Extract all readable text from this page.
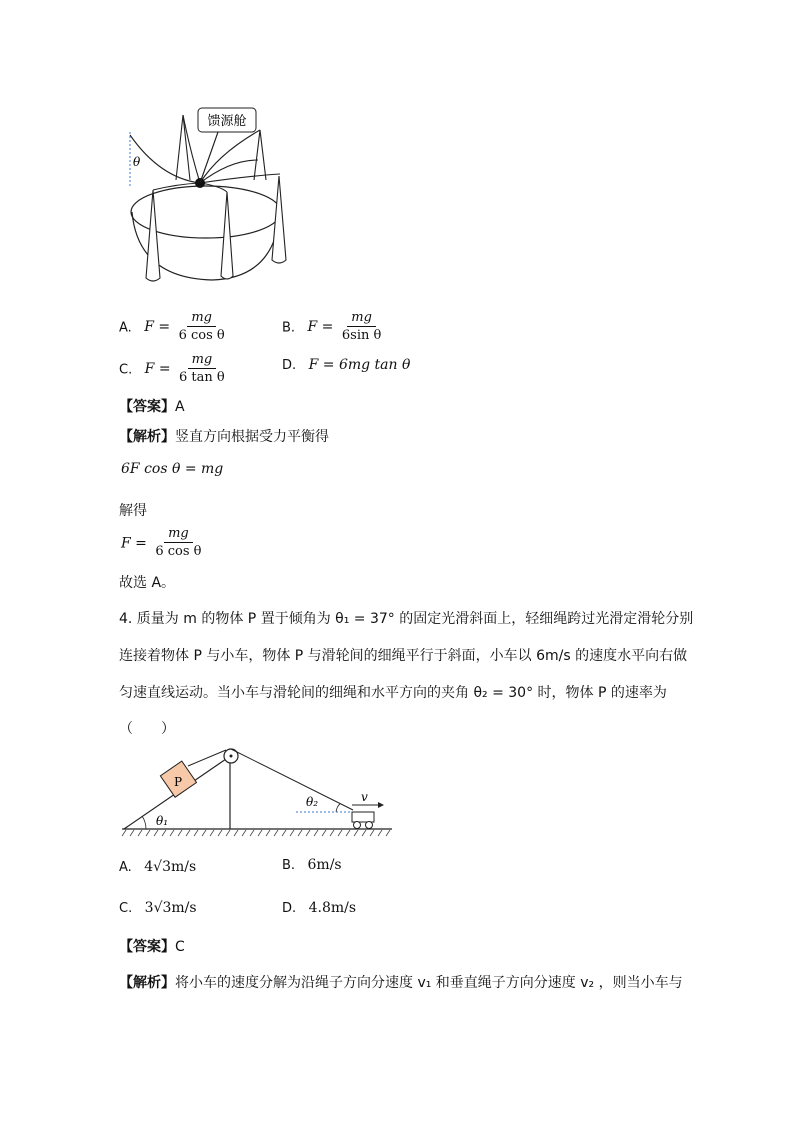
θ
馈源舱
A. $F = \frac{mg}{\text{6 cos θ}}$	B. $F = \frac{mg}{\text{6sin θ}}$
C. $F = \frac{mg}{\text{6 tan θ}}$	D. F = 6mg tan θ
【答案】A
【解析】竖直方向根据受力平衡得
6F cos θ = mg
解得
$F = \frac{mg}{\text{6 cos θ}}$
故选 A。
4. 质量为 m 的物体 P 置于倾角为 θ₁ = 37° 的固定光滑斜面上，轻细绳跨过光滑定滑轮分别
连接着物体 P 与小车，物体 P 与滑轮间的细绳平行于斜面，小车以 6m/s 的速度水平向右做
匀速直线运动。当小车与滑轮间的细绳和水平方向的夹角 θ₂ = 30° 时，物体 P 的速率为
（　　）
P
θ₂
θ₁
v
A. 4√3m/s	B. 6m/s
C. 3√3m/s	D. 4.8m/s
【答案】C
【解析】将小车的速度分解为沿绳子方向分速度 v₁ 和垂直绳子方向分速度 v₂ ，则当小车与
